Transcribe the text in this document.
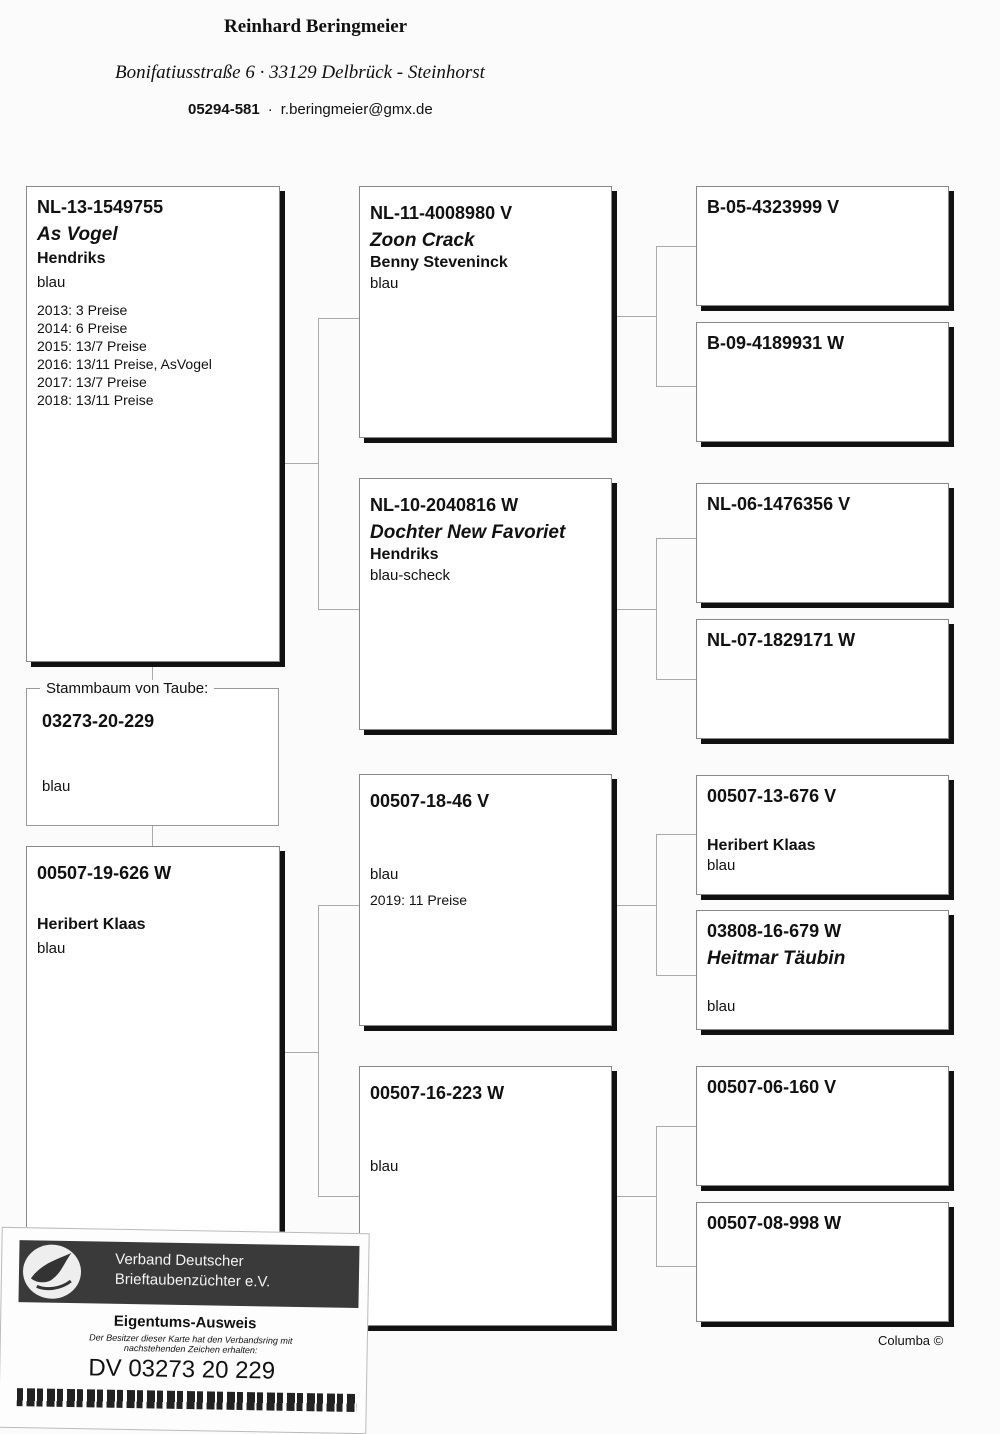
Reinhard Beringmeier
Bonifatiusstraße 6 · 33129 Delbrück - Steinhorst
05294-581 · r.beringmeier@gmx.de
NL-13-1549755
As Vogel
Hendriks
blau
2013: 3 Preise
2014: 6 Preise
2015: 13/7 Preise
2016: 13/11 Preise, AsVogel
2017: 13/7 Preise
2018: 13/11 Preise
03273-20-229
blau
Stammbaum von Taube:
00507-19-626 W
Heribert Klaas
blau
NL-11-4008980 V
Zoon Crack
Benny Steveninck
blau
NL-10-2040816 W
Dochter New Favoriet
Hendriks
blau-scheck
00507-18-46 V
blau
2019: 11 Preise
00507-16-223 W
blau
B-05-4323999 V
B-09-4189931 W
NL-06-1476356 V
NL-07-1829171 W
00507-13-676 V
Heribert Klaas
blau
03808-16-679 W
Heitmar Täubin
blau
00507-06-160 V
00507-08-998 W
Columba ©
Verband Deutscher
Brieftaubenzüchter e.V.
Eigentums-Ausweis
Der Besitzer dieser Karte hat den Verbandsring mit nachstehenden Zeichen erhalten:
DV 03273 20 229
